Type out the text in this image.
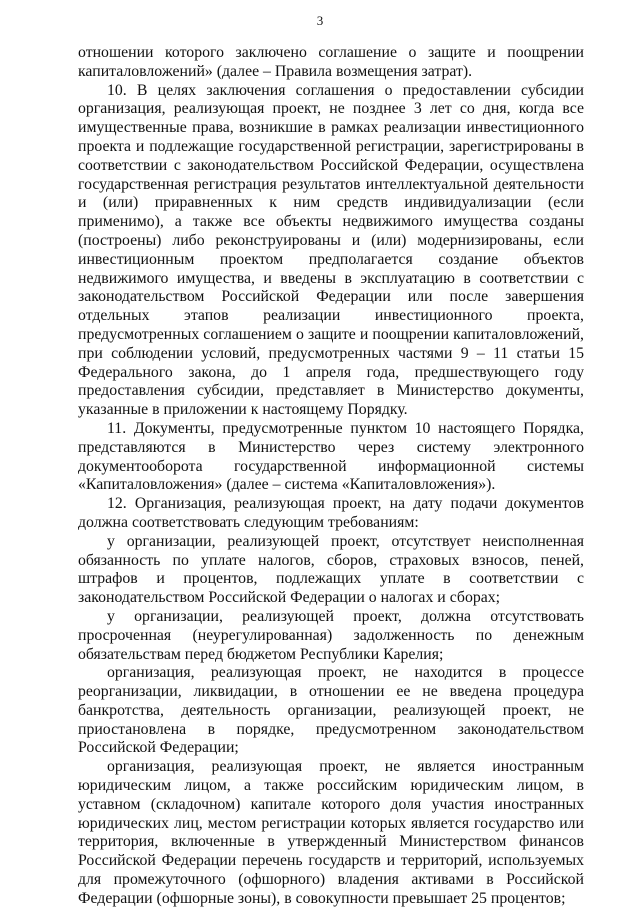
3

отношении которого заключено соглашение о защите и поощрении капиталовложений» (далее – Правила возмещения затрат).

10. В целях заключения соглашения о предоставлении субсидии организация, реализующая проект, не позднее 3 лет со дня, когда все имущественные права, возникшие в рамках реализации инвестиционного проекта и подлежащие государственной регистрации, зарегистрированы в соответствии с законодательством Российской Федерации, осуществлена государственная регистрация результатов интеллектуальной деятельности и (или) приравненных к ним средств индивидуализации (если применимо), а также все объекты недвижимого имущества созданы (построены) либо реконструированы и (или) модернизированы, если инвестиционным проектом предполагается создание объектов недвижимого имущества, и введены в эксплуатацию в соответствии с законодательством Российской Федерации или после завершения отдельных этапов реализации инвестиционного проекта, предусмотренных соглашением о защите и поощрении капиталовложений, при соблюдении условий, предусмотренных частями 9 – 11 статьи 15 Федерального закона, до 1 апреля года, предшествующего году предоставления субсидии, представляет в Министерство документы, указанные в приложении к настоящему Порядку.

11. Документы, предусмотренные пунктом 10 настоящего Порядка, представляются в Министерство через систему электронного документооборота государственной информационной системы «Капиталовложения» (далее – система «Капиталовложения»).

12. Организация, реализующая проект, на дату подачи документов должна соответствовать следующим требованиям:

у организации, реализующей проект, отсутствует неисполненная обязанность по уплате налогов, сборов, страховых взносов, пеней, штрафов и процентов, подлежащих уплате в соответствии с законодательством Российской Федерации о налогах и сборах;

у организации, реализующей проект, должна отсутствовать просроченная (неурегулированная) задолженность по денежным обязательствам перед бюджетом Республики Карелия;

организация, реализующая проект, не находится в процессе реорганизации, ликвидации, в отношении ее не введена процедура банкротства, деятельность организации, реализующей проект, не приостановлена в порядке, предусмотренном законодательством Российской Федерации;

организация, реализующая проект, не является иностранным юридическим лицом, а также российским юридическим лицом, в уставном (складочном) капитале которого доля участия иностранных юридических лиц, местом регистрации которых является государство или территория, включенные в утвержденный Министерством финансов Российской Федерации перечень государств и территорий, используемых для промежуточного (офшорного) владения активами в Российской Федерации (офшорные зоны), в совокупности превышает 25 процентов;
